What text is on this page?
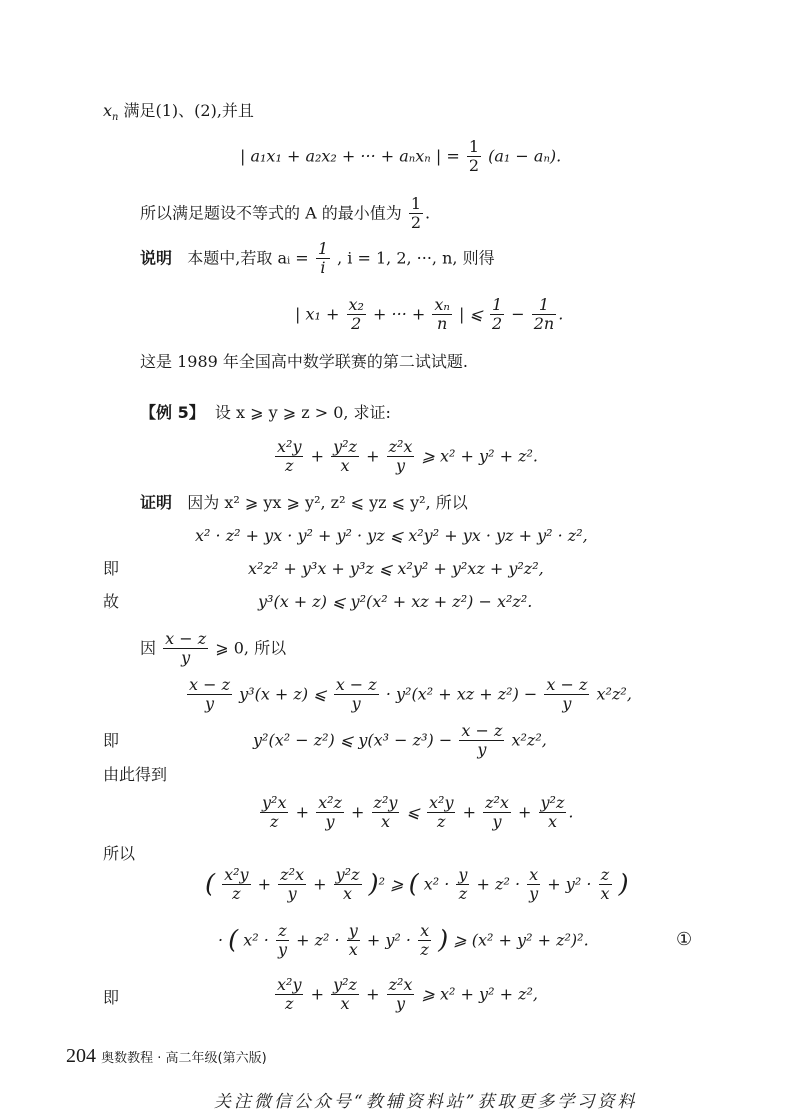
$x_n$ 满足(1)、(2),并且
| a₁x₁ + a₂x₂ + ··· + aₙxₙ | = $\frac{1}{2} (a_1 - a_n)$.
所以满足题设不等式的 A 的最小值为 $\frac{1}{2}$ .
说明 本题中,若取 aᵢ = $\frac{1}{i}$ , i = 1, 2, ···, n, 则得
| $x_1 + \frac{\text{x₂}}{2}$ + ··· + $\frac{\text{xₙ}}{n}$ | ⩽ $\frac{1}{2} - \frac{1}{2n}$ .
这是 1989 年全国高中数学联赛的第二试试题.
【例 5】 设 x ⩾ y ⩾ z > 0, 求证:
$\frac{\text{x²y}}{z} + \frac{\text{y²z}}{x} + \frac{\text{z²x}}{y}$ ⩾ x² + y² + z².
证明 因为 x² ⩾ yx ⩾ y², z² ⩽ yz ⩽ y², 所以
x² · z² + yx · y² + y² · yz ⩽ x²y² + yx · yz + y² · z²,
即	x²z² + y³x + y³z ⩽ x²y² + y²xz + y²z²,
故	y³(x + z) ⩽ y²(x² + xz + z²) − x²z².
因 $\frac{x - z}{y}$ ⩾ 0, 所以
$\frac{x - z}{y} y^3(x + z)$ ⩽ $\frac{x - z}{y} \cdot y^2(x^2$ + xz + $z^2) - \frac{x - z}{y} x^2z^2$,
即	y²(x² − z²) ⩽ $y(x^3 - z^3) - \frac{x - z}{y} x^2z^2$,
由此得到
$\frac{\text{y²x}}{z} + \frac{\text{x²z}}{y} + \frac{\text{z²y}}{x}$ ⩽ $\frac{\text{x²y}}{z} + \frac{\text{z²x}}{y} + \frac{\text{y²z}}{x}$ .
所以
( $\frac{\text{x²y}}{z} + \frac{\text{z²x}}{y} + \frac{\text{y²z}}{x} )^2$ ⩾ ( $x^2 \cdot \frac{y}{z} + z^2 \cdot \frac{x}{y} + y^2 \cdot \frac{z}{x}$ )
· ( $x^2 \cdot \frac{z}{y} + z^2 \cdot \frac{y}{x} + y^2 \cdot \frac{x}{z}$ ) ⩾ (x² + y² + z²)².	①
即	$\frac{\text{x²y}}{z} + \frac{\text{y²z}}{x} + \frac{\text{z²x}}{y}$ ⩾ x² + y² + z²,
204 奥数教程 · 高二年级(第六版)
关注微信公众号“教辅资料站”获取更多学习资料
